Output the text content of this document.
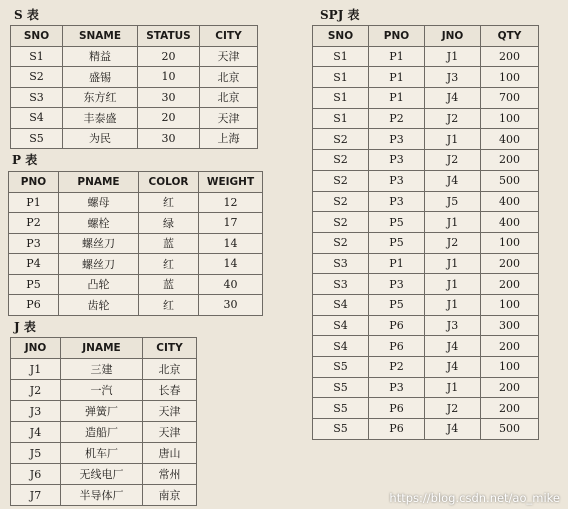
S 表
SNO	SNAME	STATUS	CITY
S1	精益	20	天津
S2	盛锡	10	北京
S3	东方红	30	北京
S4	丰泰盛	20	天津
S5	为民	30	上海
P 表
PNO	PNAME	COLOR	WEIGHT
P1	螺母	红	12
P2	螺栓	绿	17
P3	螺丝刀	蓝	14
P4	螺丝刀	红	14
P5	凸轮	蓝	40
P6	齿轮	红	30
J 表
JNO	JNAME	CITY
J1	三建	北京
J2	一汽	长春
J3	弹簧厂	天津
J4	造船厂	天津
J5	机车厂	唐山
J6	无线电厂	常州
J7	半导体厂	南京
SPJ 表
SNO	PNO	JNO	QTY
S1	P1	J1	200
S1	P1	J3	100
S1	P1	J4	700
S1	P2	J2	100
S2	P3	J1	400
S2	P3	J2	200
S2	P3	J4	500
S2	P3	J5	400
S2	P5	J1	400
S2	P5	J2	100
S3	P1	J1	200
S3	P3	J1	200
S4	P5	J1	100
S4	P6	J3	300
S4	P6	J4	200
S5	P2	J4	100
S5	P3	J1	200
S5	P6	J2	200
S5	P6	J4	500
https://blog.csdn.net/ao_mike
